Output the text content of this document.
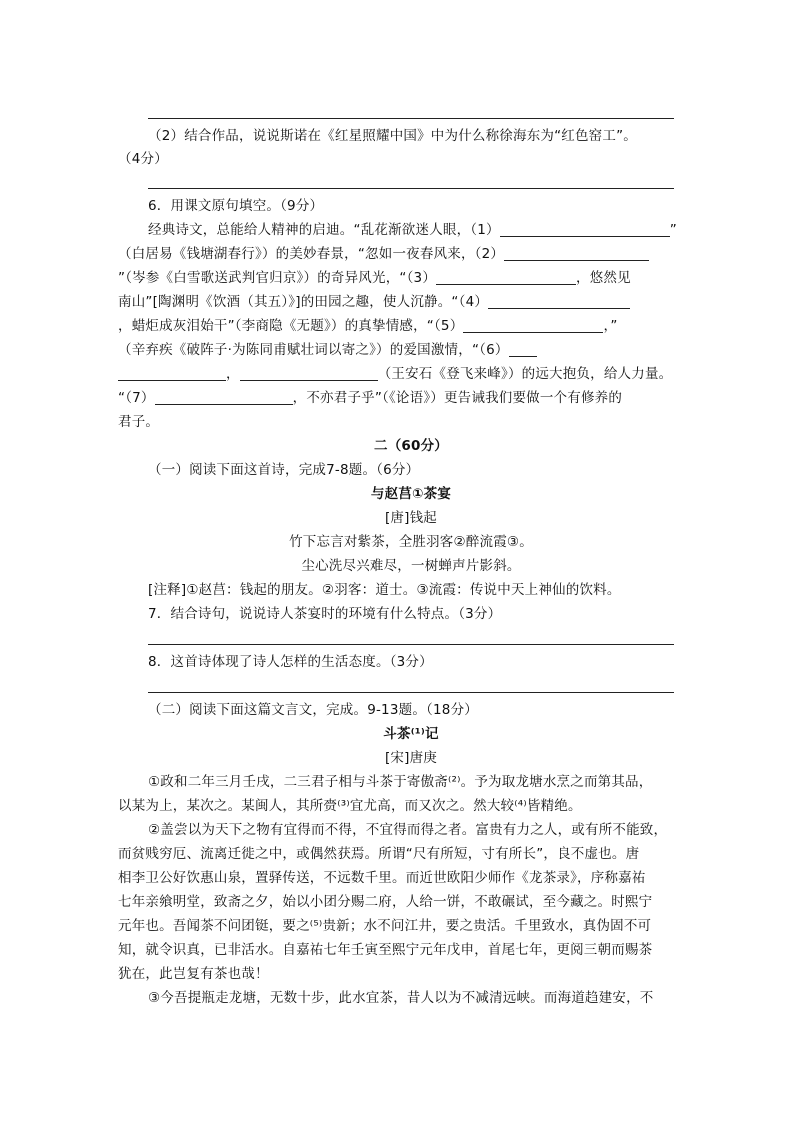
（2）结合作品，说说斯诺在《红星照耀中国》中为什么称徐海东为“红色窑工”。
（4分）
6．用课文原句填空。（9分）
经典诗文，总能给人精神的启迪。“乱花渐欲迷人眼，（1）	”
（白居易《钱塘湖春行》）的美妙春景，“忽如一夜春风来，（2）
”（岑参《白雪歌送武判官归京》）的奇异风光，“（3）	，悠然见
南山”[陶渊明《饮酒（其五）》]的田园之趣，使人沉静。“（4）
，蜡炬成灰泪始干”（李商隐《无题》）的真挚情感，“（5）	，”
（辛弃疾《破阵子·为陈同甫赋壮词以寄之》）的爱国激情，“（6）
，	（王安石《登飞来峰》）的远大抱负，给人力量。
“（7）	，不亦君子乎”（《论语》）更告诫我们要做一个有修养的
君子。
二（60分）
（一）阅读下面这首诗，完成7-8题。（6分）
与赵莒①茶宴
[唐]钱起
竹下忘言对紫茶，全胜羽客②醉流霞③。
尘心洗尽兴难尽，一树蝉声片影斜。
[注释]①赵莒：钱起的朋友。②羽客：道士。③流霞：传说中天上神仙的饮料。
7．结合诗句，说说诗人茶宴时的环境有什么特点。（3分）
8．这首诗体现了诗人怎样的生活态度。（3分）
（二）阅读下面这篇文言文，完成。9-13题。（18分）
斗茶⁽¹⁾记
[宋]唐庚
①政和二年三月壬戌，二三君子相与斗茶于寄傲斋⁽²⁾。予为取龙塘水烹之而第其品，
以某为上，某次之。某闽人，其所赍⁽³⁾宜尤高，而又次之。然大较⁽⁴⁾皆精绝。
②盖尝以为天下之物有宜得而不得，不宜得而得之者。富贵有力之人，或有所不能致，
而贫贱穷厄、流离迁徙之中，或偶然获焉。所谓“尺有所短，寸有所长”，良不虚也。唐
相李卫公好饮惠山泉，置驿传送，不远数千里。而近世欧阳少师作《龙茶录》，序称嘉祐
七年亲飨明堂，致斋之夕，始以小团分赐二府，人给一饼，不敢碾试，至今藏之。时熙宁
元年也。吾闻茶不问团铤，要之⁽⁵⁾贵新；水不问江井，要之贵活。千里致水，真伪固不可
知，就令识真，已非活水。自嘉祐七年壬寅至熙宁元年戊申，首尾七年，更阅三朝而赐茶
犹在，此岂复有茶也哉！
③今吾提瓶走龙塘，无数十步，此水宜茶，昔人以为不减清远峡。而海道趋建安，不
